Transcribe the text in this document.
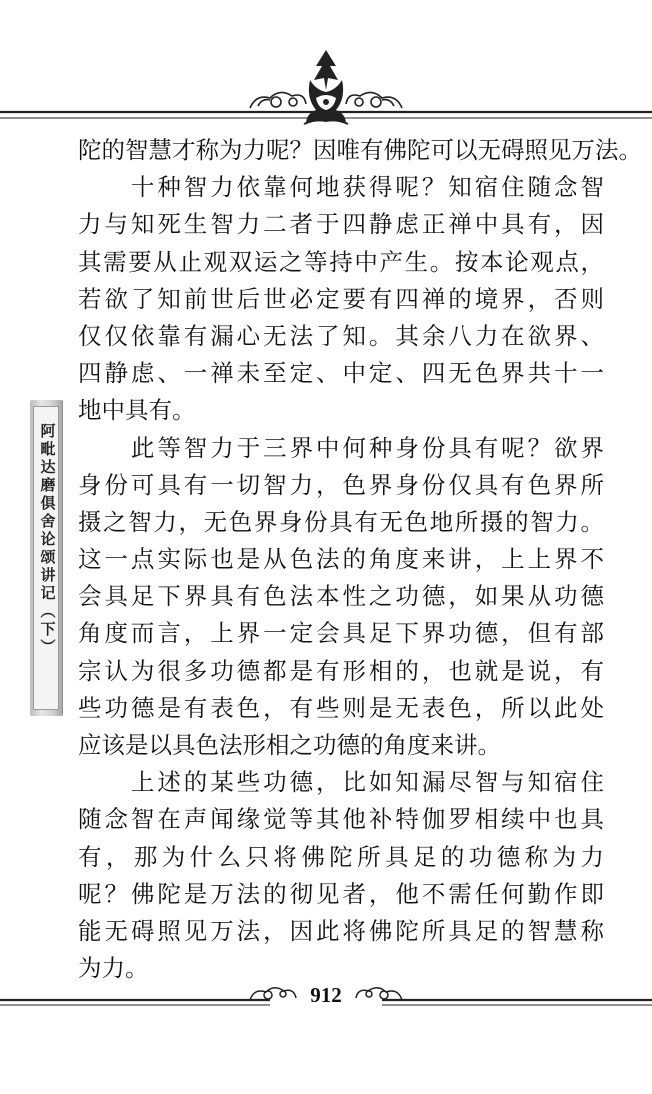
陀的智慧才称为力呢？因唯有佛陀可以无碍照见万法。
　　十种智力依靠何地获得呢？知宿住随念智
力与知死生智力二者于四静虑正禅中具有，因
其需要从止观双运之等持中产生。按本论观点，
若欲了知前世后世必定要有四禅的境界，否则
仅仅依靠有漏心无法了知。其余八力在欲界、
四静虑、一禅未至定、中定、四无色界共十一
地中具有。
　　此等智力于三界中何种身份具有呢？欲界
身份可具有一切智力，色界身份仅具有色界所
摄之智力，无色界身份具有无色地所摄的智力。
这一点实际也是从色法的角度来讲，上上界不
会具足下界具有色法本性之功德，如果从功德
角度而言，上界一定会具足下界功德，但有部
宗认为很多功德都是有形相的，也就是说，有
些功德是有表色，有些则是无表色，所以此处
应该是以具色法形相之功德的角度来讲。
　　上述的某些功德，比如知漏尽智与知宿住
随念智在声闻缘觉等其他补特伽罗相续中也具
有，那为什么只将佛陀所具足的功德称为力
呢？佛陀是万法的彻见者，他不需任何勤作即
能无碍照见万法，因此将佛陀所具足的智慧称
为力。
阿毗达磨俱舍论颂讲记（下）
912
